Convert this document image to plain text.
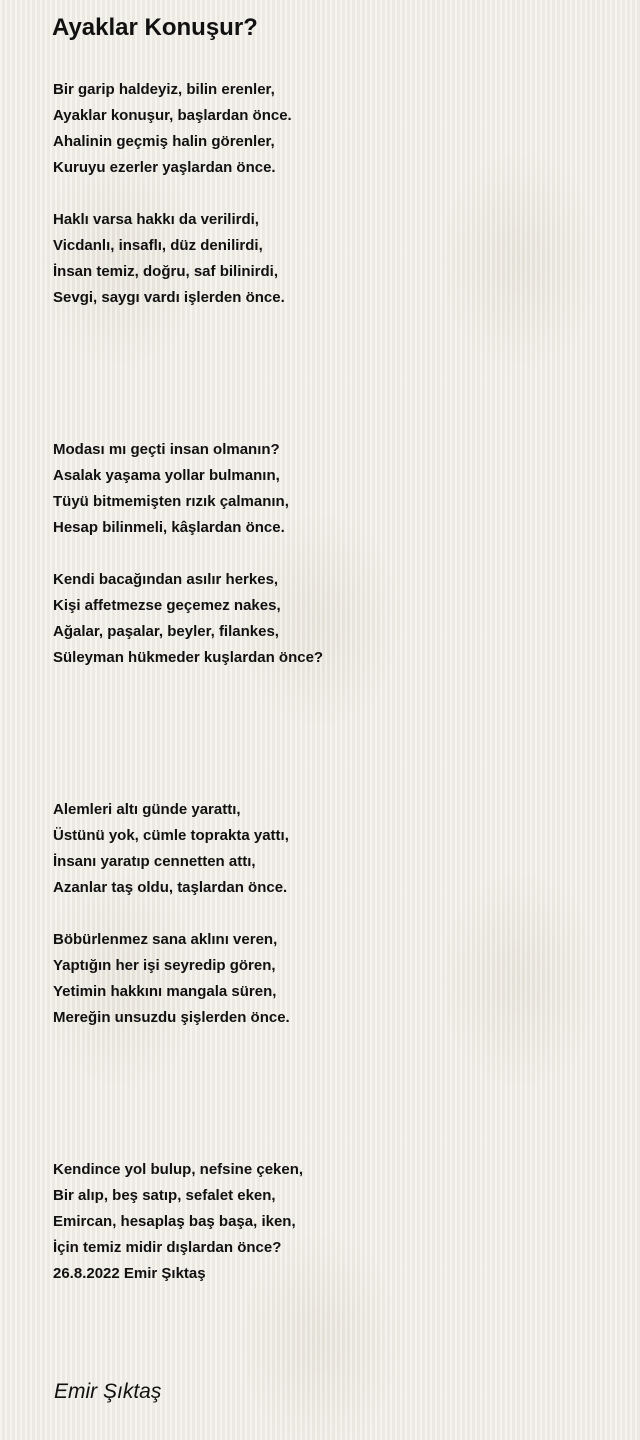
Ayaklar Konuşur?
Bir garip haldeyiz, bilin erenler,
Ayaklar konuşur, başlardan önce.
Ahalinin geçmiş halin görenler,
Kuruyu ezerler yaşlardan önce.
Haklı varsa hakkı da verilirdi,
Vicdanlı, insaflı, düz denilirdi,
İnsan temiz, doğru, saf bilinirdi,
Sevgi, saygı vardı işlerden önce.
Modası mı geçti insan olmanın?
Asalak yaşama yollar bulmanın,
Tüyü bitmemişten rızık çalmanın,
Hesap bilinmeli, kâşlardan önce.
Kendi bacağından asılır herkes,
Kişi affetmezse geçemez nakes,
Ağalar, paşalar, beyler, filankes,
Süleyman hükmeder kuşlardan önce?
Alemleri altı günde yarattı,
Üstünü yok, cümle toprakta yattı,
İnsanı yaratıp cennetten attı,
Azanlar taş oldu, taşlardan önce.
Böbürlenmez sana aklını veren,
Yaptığın her işi seyredip gören,
Yetimin hakkını mangala süren,
Mereğin unsuzdu şişlerden önce.
Kendince yol bulup, nefsine çeken,
Bir alıp, beş satıp, sefalet eken,
Emircan, hesaplaş baş başa, iken,
İçin temiz midir dışlardan önce?
26.8.2022 Emir Şıktaş
Emir Şıktaş
